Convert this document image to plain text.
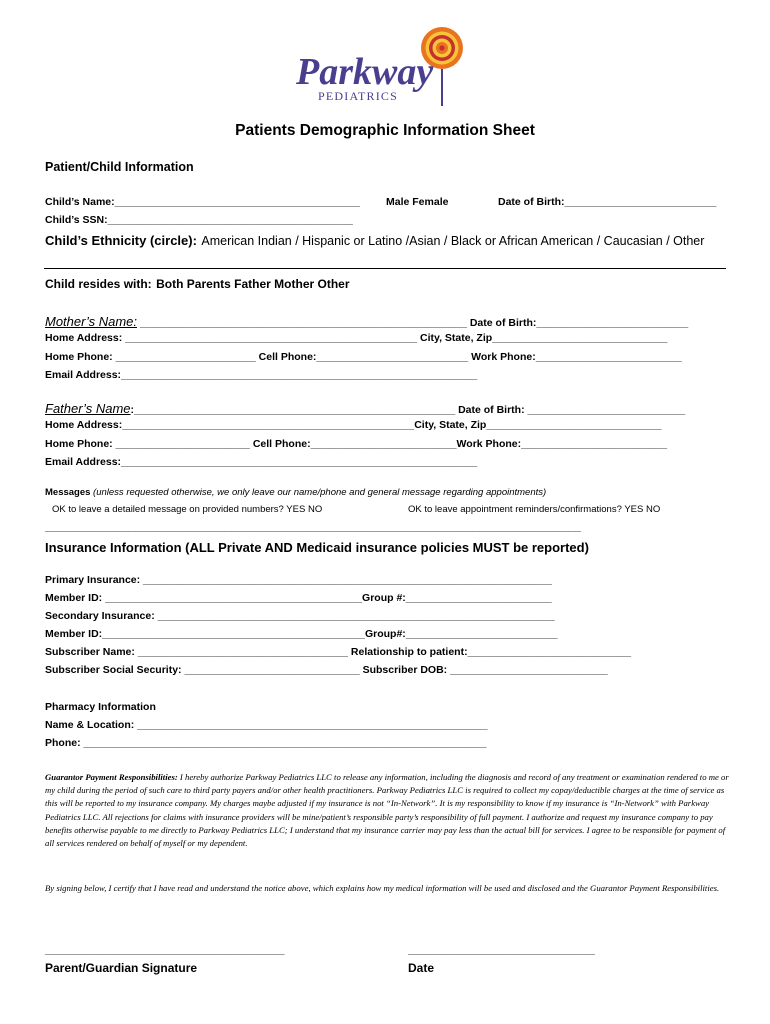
Parkway
PEDIATRICS
Patients Demographic Information Sheet
Patient/Child Information
Child’s Name:__________________________________________ Male Female	Date of Birth:__________________________
Child’s SSN:__________________________________________
Child’s Ethnicity (circle): American Indian / Hispanic or Latino /Asian / Black or African American / Caucasian / Other
Child resides with: Both Parents Father Mother Other
Mother’s Name: ________________________________________________________ Date of Birth:__________________________
Home Address: __________________________________________________ City, State, Zip______________________________
Home Phone: ________________________ Cell Phone:__________________________ Work Phone:_________________________
Email Address:_____________________________________________________________
Father’s Name:_______________________________________________________ Date of Birth: ___________________________
Home Address:__________________________________________________City, State, Zip______________________________
Home Phone: _______________________ Cell Phone:_________________________Work Phone:_________________________
Email Address:_____________________________________________________________
Messages (unless requested otherwise, we only leave our name/phone and general message regarding appointments)
OK to leave a detailed message on provided numbers? YES NO	OK to leave appointment reminders/confirmations? YES NO
_______________________________________________________________________________________________
Insurance Information (ALL Private AND Medicaid insurance policies MUST be reported)
Primary Insurance: ______________________________________________________________________
Member ID: ____________________________________________Group #:_________________________
Secondary Insurance: ____________________________________________________________________
Member ID:_____________________________________________Group#:__________________________
Subscriber Name: ____________________________________ Relationship to patient:____________________________
Subscriber Social Security: ______________________________ Subscriber DOB: ___________________________
Pharmacy Information
Name & Location: ____________________________________________________________
Phone: _____________________________________________________________________
Guarantor Payment Responsibilities: I hereby authorize Parkway Pediatrics LLC to release any information, including the diagnosis and record of any treatment or examination rendered to me or my child during the period of such care to third party payers and/or other health practitioners. Parkway Pediatrics LLC is required to collect my copay/deductible charges at the time of service as this will be reported to my insurance company. My charges maybe adjusted if my insurance is not “In-Network”. It is my responsibility to know if my insurance is “In-Network” with Parkway Pediatrics LLC. All rejections for claims with insurance providers will be mine/patient’s responsible party’s responsibility of full payment. I authorize and request my insurance company to pay benefits otherwise payable to me directly to Parkway Pediatrics LLC; I understand that my insurance carrier may pay less than the actual bill for services. I agree to be responsible for payment of all services rendered on behalf of myself or my dependent.
By signing below, I certify that I have read and understand the notice above, which explains how my medical information will be used and disclosed and the Guarantor Payment Responsibilities.
_________________________________________
Parent/Guardian Signature
________________________________
Date
